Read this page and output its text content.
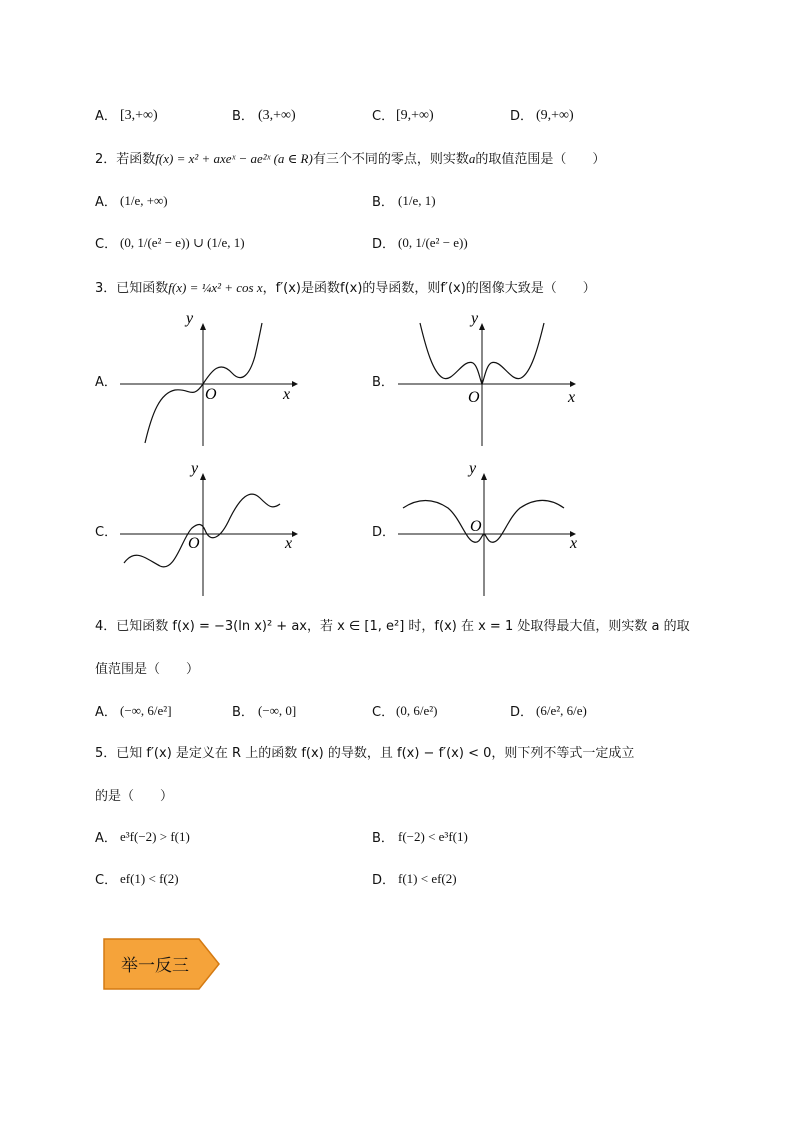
A． [3,+∞)	B． (3,+∞)	C． [9,+∞)	D． (9,+∞)
2．若函数f(x) = x² + axeˣ − ae²ˣ (a ∈ R)有三个不同的零点，则实数a的取值范围是（　　）
A． (1/e, +∞)	B． (1/e, 1)
C． (0, 1/(e² − e)) ∪ (1/e, 1)	D． (0, 1/(e² − e))
3．已知函数f(x) = ¼x² + cos x，f′(x)是函数f(x)的导函数，则f′(x)的图像大致是（　　）
A．
y
x
O
B．
y
x
O
C．
y
x
O
D．
y
x
O
4．已知函数 f(x) = −3(ln x)² + ax，若 x ∈ [1, e²] 时，f(x) 在 x = 1 处取得最大值，则实数 a 的取
值范围是（　　）
A． (−∞, 6/e²]	B． (−∞, 0]	C． (0, 6/e²)	D． (6/e², 6/e)
5．已知 f′(x) 是定义在 R 上的函数 f(x) 的导数，且 f(x) − f′(x) < 0，则下列不等式一定成立
的是（　　）
A． e³f(−2) > f(1)	B． f(−2) < e³f(1)
C． ef(1) < f(2)	D． f(1) < ef(2)
举一反三
